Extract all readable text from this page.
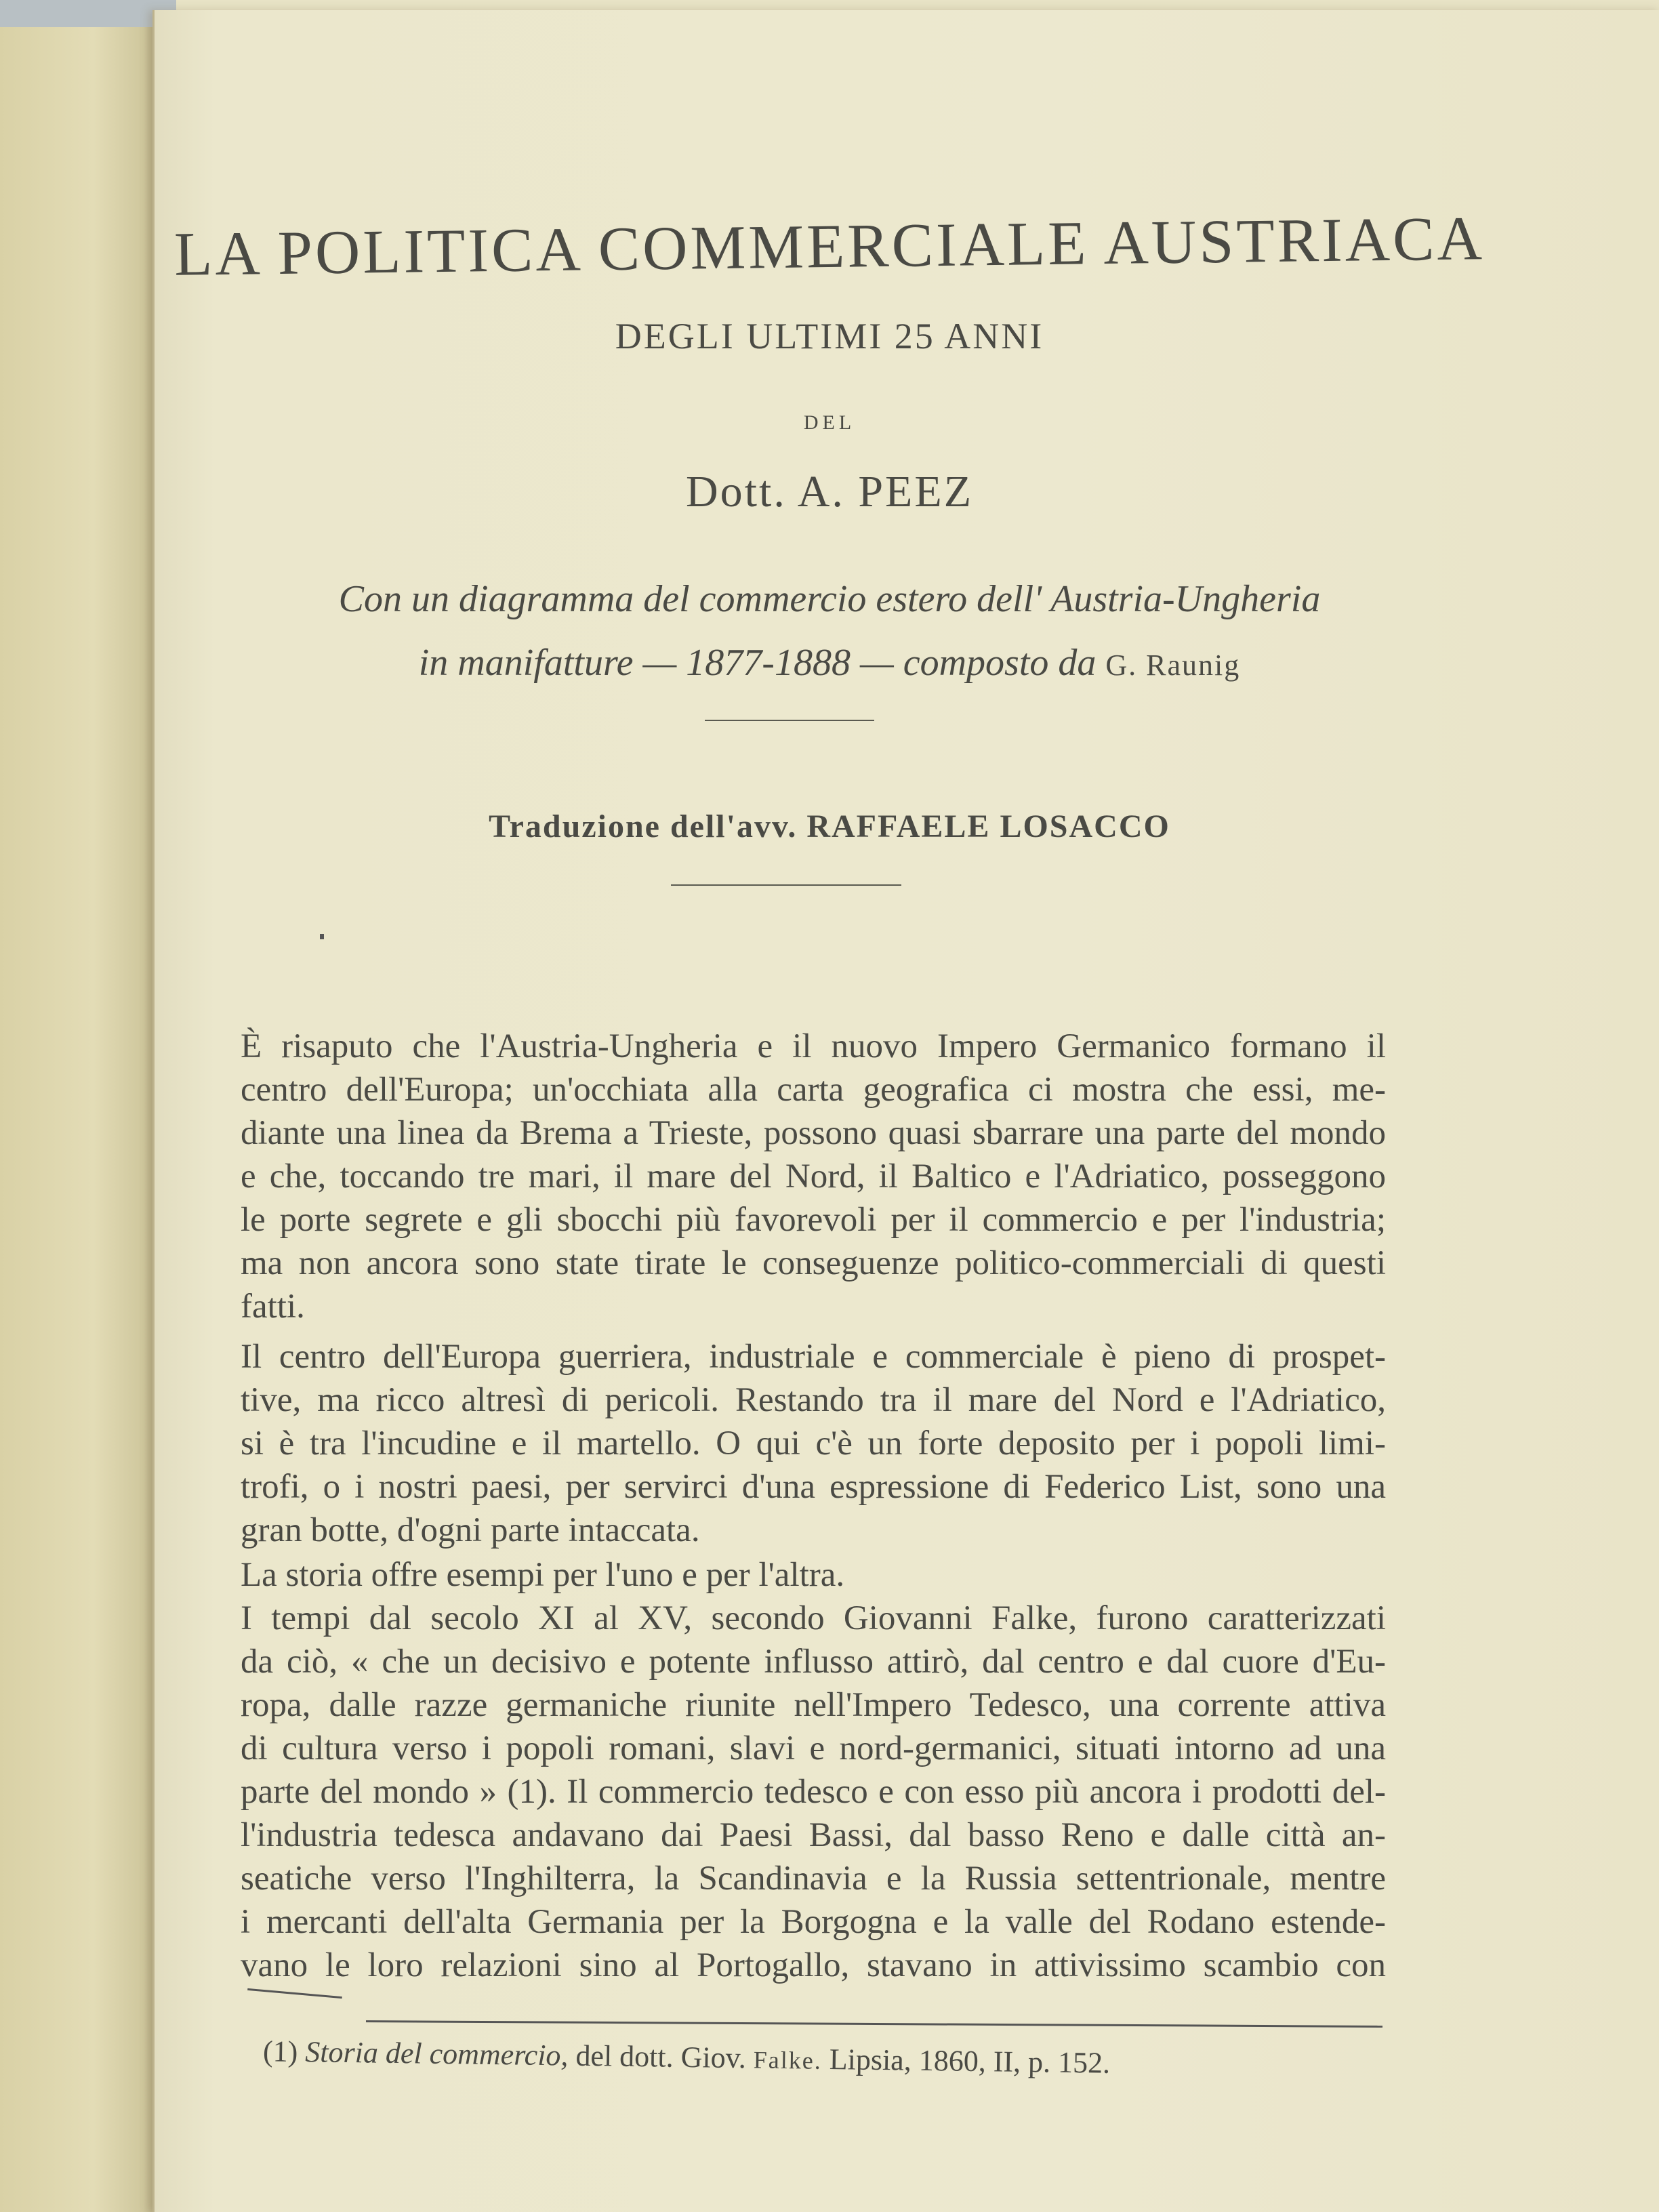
LA POLITICA COMMERCIALE AUSTRIACA
DEGLI ULTIMI 25 ANNI
DEL
Dott. A. PEEZ
Con un diagramma del commercio estero dell' Austria-Ungheria
in manifatture — 1877-1888 — composto da G. Raunig
Traduzione dell'avv. RAFFAELE LOSACCO
È risaputo che l'Austria-Ungheria e il nuovo Impero Germanico formano il
centro dell'Europa; un'occhiata alla carta geografica ci mostra che essi, me-
diante una linea da Brema a Trieste, possono quasi sbarrare una parte del mondo
e che, toccando tre mari, il mare del Nord, il Baltico e l'Adriatico, posseggono
le porte segrete e gli sbocchi più favorevoli per il commercio e per l'industria;
ma non ancora sono state tirate le conseguenze politico-commerciali di questi
fatti.
Il centro dell'Europa guerriera, industriale e commerciale è pieno di prospet-
tive, ma ricco altresì di pericoli. Restando tra il mare del Nord e l'Adriatico,
si è tra l'incudine e il martello. O qui c'è un forte deposito per i popoli limi-
trofi, o i nostri paesi, per servirci d'una espressione di Federico List, sono una
gran botte, d'ogni parte intaccata.
La storia offre esempi per l'uno e per l'altra.
I tempi dal secolo XI al XV, secondo Giovanni Falke, furono caratterizzati
da ciò, « che un decisivo e potente influsso attirò, dal centro e dal cuore d'Eu-
ropa, dalle razze germaniche riunite nell'Impero Tedesco, una corrente attiva
di cultura verso i popoli romani, slavi e nord-germanici, situati intorno ad una
parte del mondo » (1). Il commercio tedesco e con esso più ancora i prodotti del-
l'industria tedesca andavano dai Paesi Bassi, dal basso Reno e dalle città an-
seatiche verso l'Inghilterra, la Scandinavia e la Russia settentrionale, mentre
i mercanti dell'alta Germania per la Borgogna e la valle del Rodano estende-
vano le loro relazioni sino al Portogallo, stavano in attivissimo scambio con
(1) Storia del commercio, del dott. Giov. Falke. Lipsia, 1860, II, p. 152.
